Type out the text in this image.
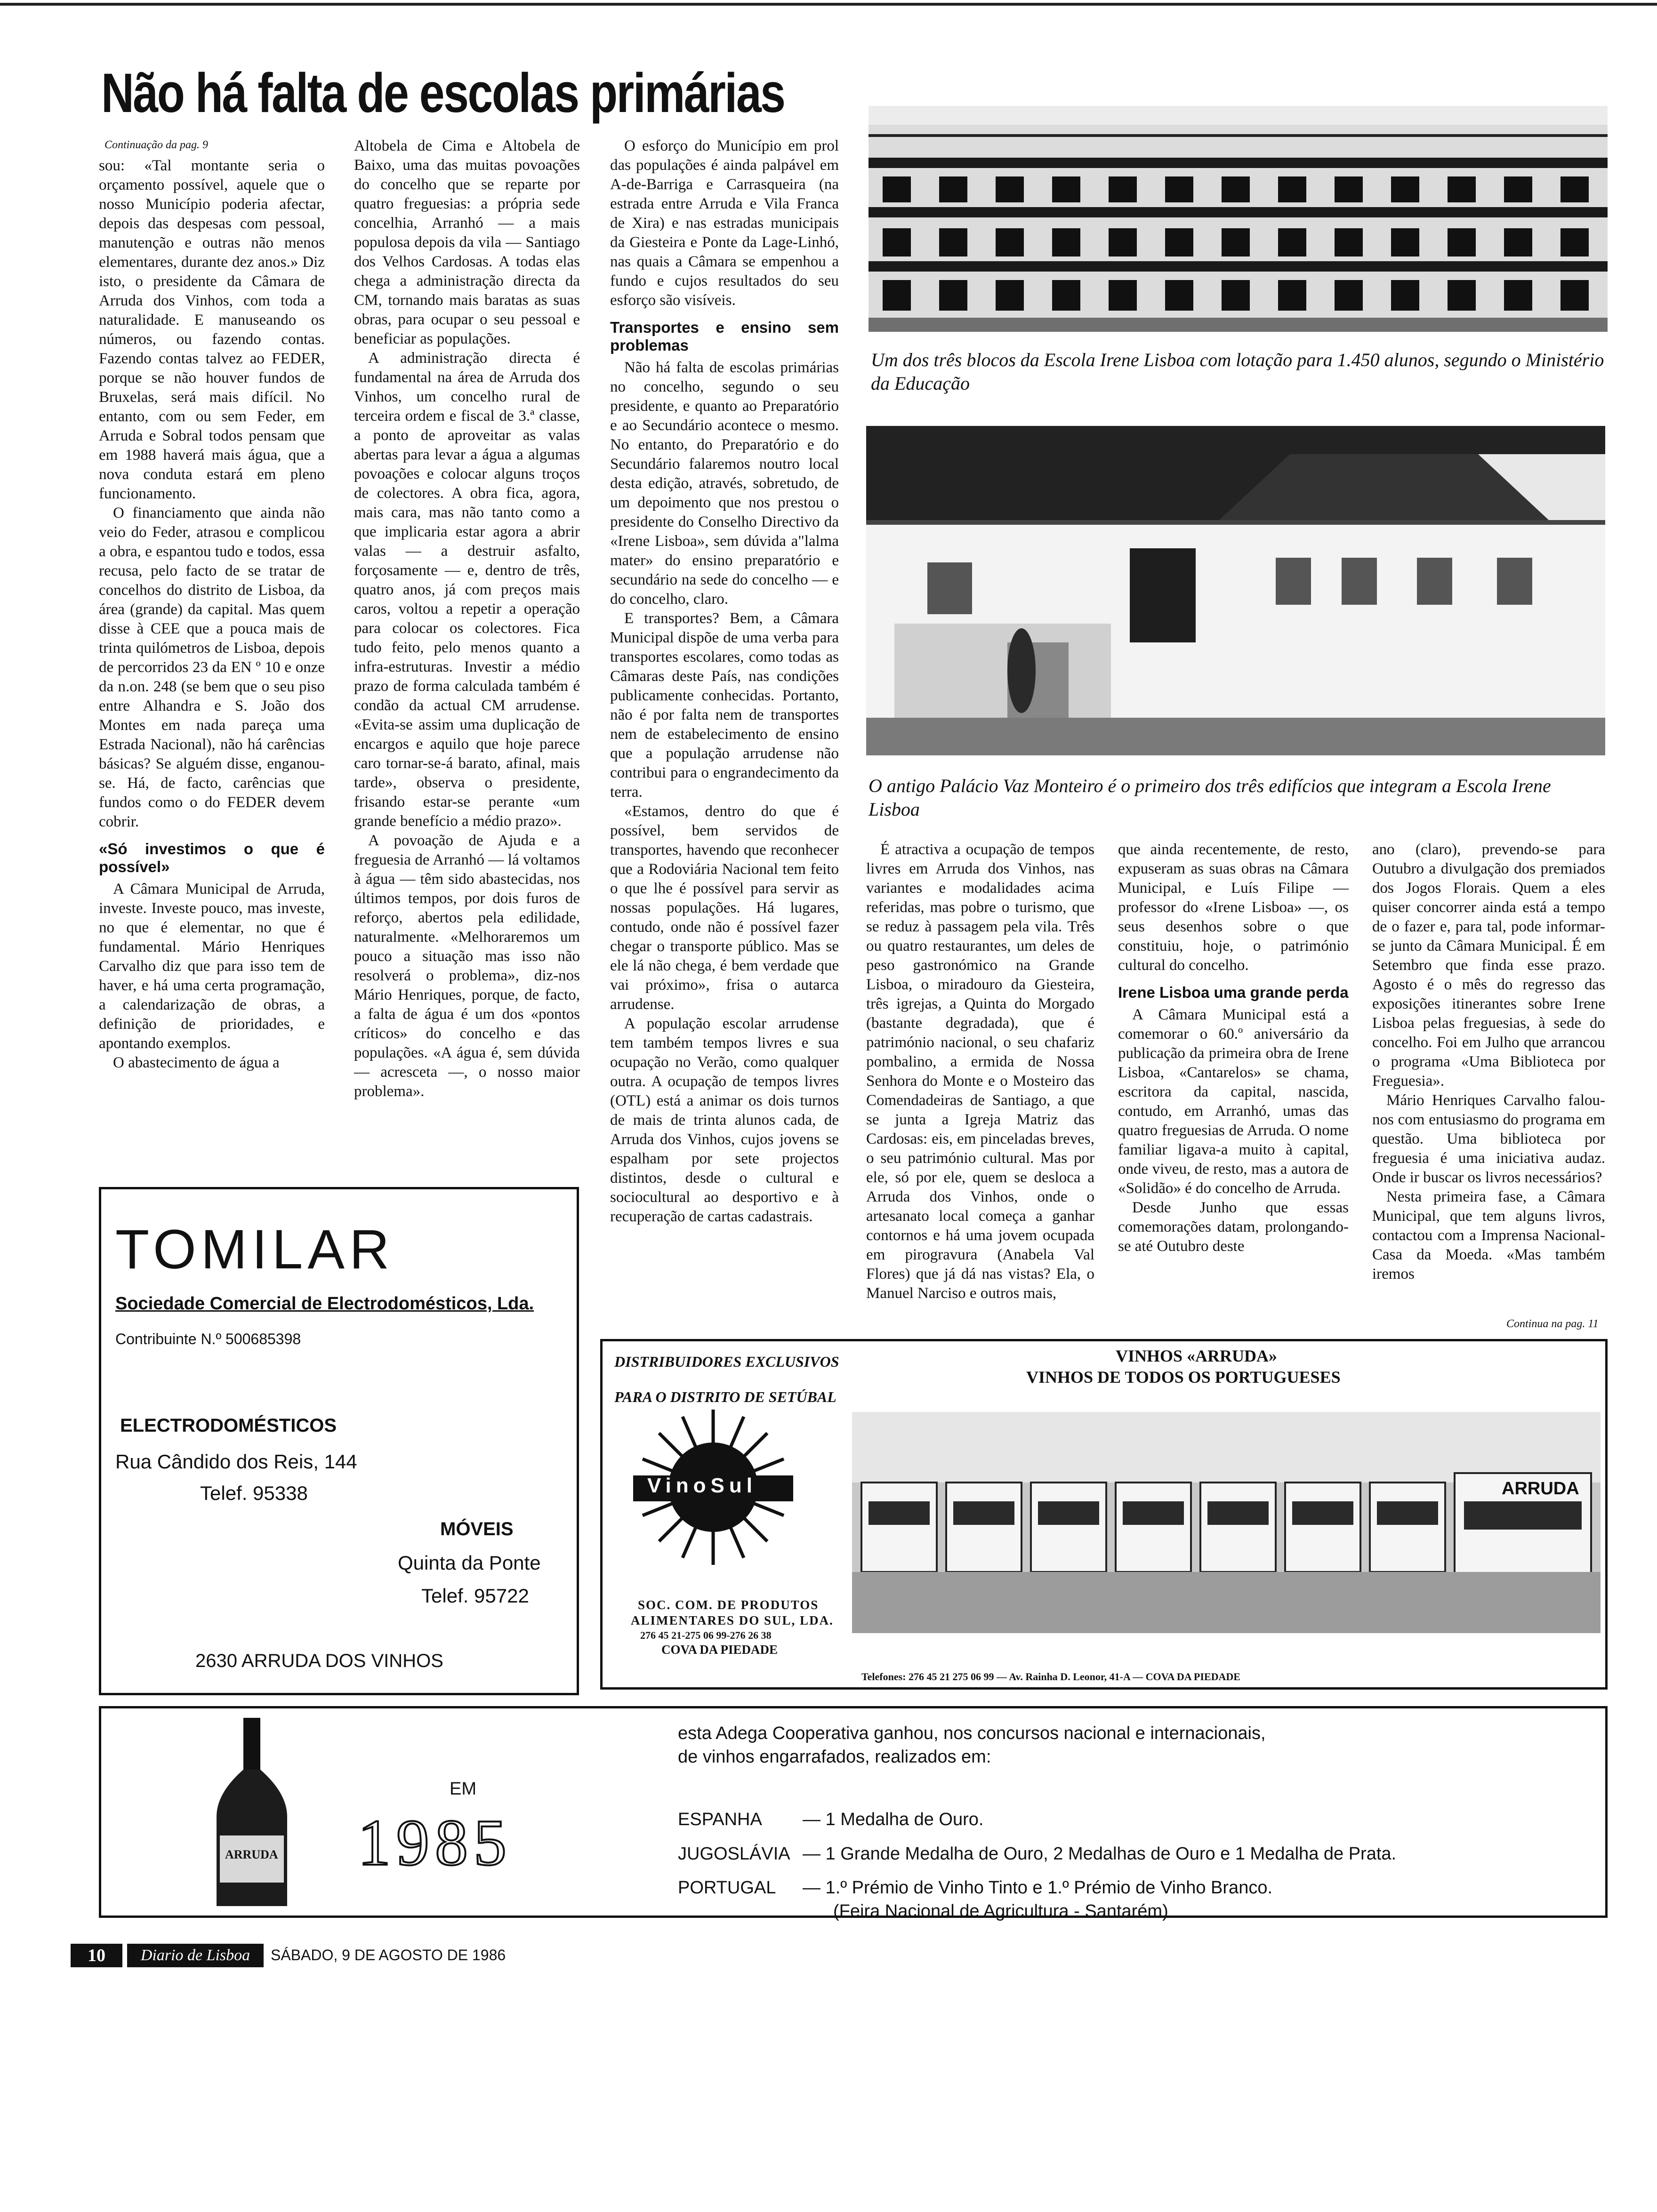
Não há falta de escolas primárias
Continuação da pag. 9

sou: «Tal montante seria o orçamento possível, aquele que o nosso Município poderia afectar, depois das despesas com pessoal, manutenção e outras não menos elementares, durante dez anos.» Diz isto, o presidente da Câmara de Arruda dos Vinhos, com toda a naturalidade. E manuseando os números, ou fazendo contas. Fazendo contas talvez ao FEDER, porque se não houver fundos de Bruxelas, será mais difícil. No entanto, com ou sem Feder, em Arruda e Sobral todos pensam que em 1988 haverá mais água, que a nova conduta estará em pleno funcionamento.

O financiamento que ainda não veio do Feder, atrasou e complicou a obra, e espantou tudo e todos, essa recusa, pelo facto de se tratar de concelhos do distrito de Lisboa, da área (grande) da capital. Mas quem disse à CEE que a pouca mais de trinta quilómetros de Lisboa, depois de percorridos 23 da EN º 10 e onze da n.on. 248 (se bem que o seu piso entre Alhandra e S. João dos Montes em nada pareça uma Estrada Nacional), não há carências básicas? Se alguém disse, enganou-se. Há, de facto, carências que fundos como o do FEDER devem cobrir.

«Só investimos o que é possível»

A Câmara Municipal de Arruda, investe. Investe pouco, mas investe, no que é elementar, no que é fundamental. Mário Henriques Carvalho diz que para isso tem de haver, e há uma certa programação, a calendarização de obras, a definição de prioridades, e apontando exemplos.

O abastecimento de água a

Altobela de Cima e Altobela de Baixo, uma das muitas povoações do concelho que se reparte por quatro freguesias: a própria sede concelhia, Arranhó — a mais populosa depois da vila — Santiago dos Velhos Cardosas. A todas elas chega a administração directa da CM, tornando mais baratas as suas obras, para ocupar o seu pessoal e beneficiar as populações.

A administração directa é fundamental na área de Arruda dos Vinhos, um concelho rural de terceira ordem e fiscal de 3.ª classe, a ponto de aproveitar as valas abertas para levar a água a algumas povoações e colocar alguns troços de colectores. A obra fica, agora, mais cara, mas não tanto como a que implicaria estar agora a abrir valas — a destruir asfalto, forçosamente — e, dentro de três, quatro anos, já com preços mais caros, voltou a repetir a operação para colocar os colectores. Fica tudo feito, pelo menos quanto a infra-estruturas. Investir a médio prazo de forma calculada também é condão da actual CM arrudense. «Evita-se assim uma duplicação de encargos e aquilo que hoje parece caro tornar-se-á barato, afinal, mais tarde», observa o presidente, frisando estar-se perante «um grande benefício a médio prazo».

A povoação de Ajuda e a freguesia de Arranhó — lá voltamos à água — têm sido abastecidas, nos últimos tempos, por dois furos de reforço, abertos pela edilidade, naturalmente. «Melhoraremos um pouco a situação mas isso não resolverá o problema», diz-nos Mário Henriques, porque, de facto, a falta de água é um dos «pontos críticos» do concelho e das populações. «A água é, sem dúvida — acresceta —, o nosso maior problema».

O esforço do Município em prol das populações é ainda palpável em A-de-Barriga e Carrasqueira (na estrada entre Arruda e Vila Franca de Xira) e nas estradas municipais da Giesteira e Ponte da Lage-Linhó, nas quais a Câmara se empenhou a fundo e cujos resultados do seu esforço são visíveis.

Transportes e ensino sem problemas

Não há falta de escolas primárias no concelho, segundo o seu presidente, e quanto ao Preparatório e ao Secundário acontece o mesmo. No entanto, do Preparatório e do Secundário falaremos noutro local desta edição, através, sobretudo, de um depoimento que nos prestou o presidente do Conselho Directivo da «Irene Lisboa», sem dúvida a"lalma mater» do ensino preparatório e secundário na sede do concelho — e do concelho, claro.

E transportes? Bem, a Câmara Municipal dispõe de uma verba para transportes escolares, como todas as Câmaras deste País, nas condições publicamente conhecidas. Portanto, não é por falta nem de transportes nem de estabelecimento de ensino que a população arrudense não contribui para o engrandecimento da terra.

«Estamos, dentro do que é possível, bem servidos de transportes, havendo que reconhecer que a Rodoviária Nacional tem feito o que lhe é possível para servir as nossas populações. Há lugares, contudo, onde não é possível fazer chegar o transporte público. Mas se ele lá não chega, é bem verdade que vai próximo», frisa o autarca arrudense.

A população escolar arrudense tem também tempos livres e sua ocupação no Verão, como qualquer outra. A ocupação de tempos livres (OTL) está a animar os dois turnos de mais de trinta alunos cada, de Arruda dos Vinhos, cujos jovens se espalham por sete projectos distintos, desde o cultural e sociocultural ao desportivo e à recuperação de cartas cadastrais.

Um dos três blocos da Escola Irene Lisboa com lotação para 1.450 alunos, segundo o Ministério da Educação
O antigo Palácio Vaz Monteiro é o primeiro dos três edifícios que integram a Escola Irene Lisboa

É atractiva a ocupação de tempos livres em Arruda dos Vinhos, nas variantes e modalidades acima referidas, mas pobre o turismo, que se reduz à passagem pela vila. Três ou quatro restaurantes, um deles de peso gastronómico na Grande Lisboa, o miradouro da Giesteira, três igrejas, a Quinta do Morgado (bastante degradada), que é património nacional, o seu chafariz pombalino, a ermida de Nossa Senhora do Monte e o Mosteiro das Comendadeiras de Santiago, a que se junta a Igreja Matriz das Cardosas: eis, em pinceladas breves, o seu património cultural. Mas por ele, só por ele, quem se desloca a Arruda dos Vinhos, onde o artesanato local começa a ganhar contornos e há uma jovem ocupada em pirogravura (Anabela Val Flores) que já dá nas vistas? Ela, o Manuel Narciso e outros mais,

que ainda recentemente, de resto, expuseram as suas obras na Câmara Municipal, e Luís Filipe — professor do «Irene Lisboa» —, os seus desenhos sobre o que constituiu, hoje, o património cultural do concelho.

Irene Lisboa uma grande perda

A Câmara Municipal está a comemorar o 60.º aniversário da publicação da primeira obra de Irene Lisboa, «Cantarelos» se chama, escritora da capital, nascida, contudo, em Arranhó, umas das quatro freguesias de Arruda. O nome familiar ligava-a muito à capital, onde viveu, de resto, mas a autora de «Solidão» é do concelho de Arruda.

Desde Junho que essas comemorações datam, prolongando-se até Outubro deste

ano (claro), prevendo-se para Outubro a divulgação dos premiados dos Jogos Florais. Quem a eles quiser concorrer ainda está a tempo de o fazer e, para tal, pode informar-se junto da Câmara Municipal. É em Setembro que finda esse prazo. Agosto é o mês do regresso das exposições itinerantes sobre Irene Lisboa pelas freguesias, à sede do concelho. Foi em Julho que arrancou o programa «Uma Biblioteca por Freguesia».

Mário Henriques Carvalho falou-nos com entusiasmo do programa em questão. Uma biblioteca por freguesia é uma iniciativa audaz. Onde ir buscar os livros necessários?

Nesta primeira fase, a Câmara Municipal, que tem alguns livros, contactou com a Imprensa Nacional-Casa da Moeda. «Mas também iremos

Continua na pag. 11
TOMILAR
Sociedade Comercial de Electrodomésticos, Lda.
Contribuinte N.º 500685398
ELECTRODOMÉSTICOS
Rua Cândido dos Reis, 144
Telef. 95338
MÓVEIS
Quinta da Ponte
Telef. 95722
2630 ARRUDA DOS VINHOS
DISTRIBUIDORES EXCLUSIVOS
PARA O DISTRITO DE SETÚBAL
VinoSul
SOC. COM. DE PRODUTOS
ALIMENTARES DO SUL, LDA.
276 45 21-275 06 99-276 26 38
COVA DA PIEDADE
VINHOS «ARRUDA»
VINHOS DE TODOS OS PORTUGUESES
ARRUDA
Telefones: 276 45 21 275 06 99 — Av. Rainha D. Leonor, 41-A — COVA DA PIEDADE
ARRUDA
EM
1985
esta Adega Cooperativa ganhou, nos concursos nacional e internacionais,
de vinhos engarrafados, realizados em:
ESPANHA — 1 Medalha de Ouro.
JUGOSLÁVIA — 1 Grande Medalha de Ouro, 2 Medalhas de Ouro e 1 Medalha de Prata.
PORTUGAL — 1.º Prémio de Vinho Tinto e 1.º Prémio de Vinho Branco.
(Feira Nacional de Agricultura - Santarém)
10	Diario de Lisboa	SÁBADO, 9 DE AGOSTO DE 1986
